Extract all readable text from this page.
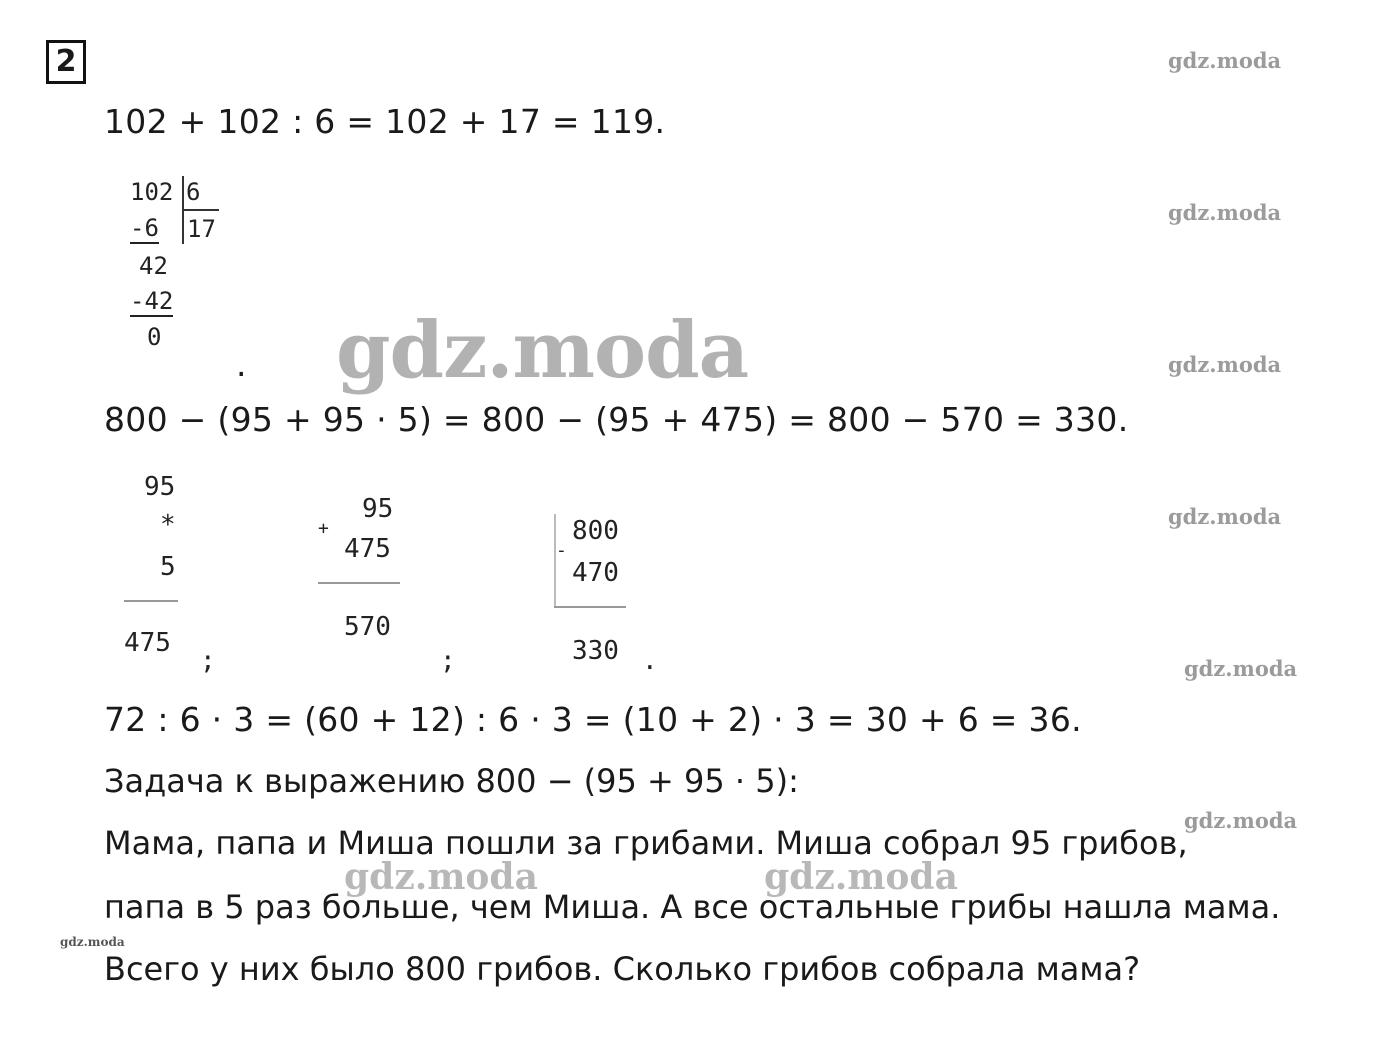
2	gdz.moda
gdz.moda
gdz.moda
gdz.moda
gdz.moda
gdz.moda
gdz.moda
gdz.moda	gdz.moda
gdz.moda
102 + 102 : 6 = 102 + 17 = 119.
102 6
17
-6
42
-42
0
.
800 − (95 + 95 · 5) = 800 − (95 + 475) = 800 − 570 = 330.
95
*
5
475
;
95
+
475
570
;
800
-
470
330 .
72 : 6 · 3 = (60 + 12) : 6 · 3 = (10 + 2) · 3 = 30 + 6 = 36.
Задача к выражению 800 − (95 + 95 · 5):
Мама, папа и Миша пошли за грибами. Миша собрал 95 грибов,
папа в 5 раз больше, чем Миша. А все остальные грибы нашла мама.
Всего у них было 800 грибов. Сколько грибов собрала мама?
